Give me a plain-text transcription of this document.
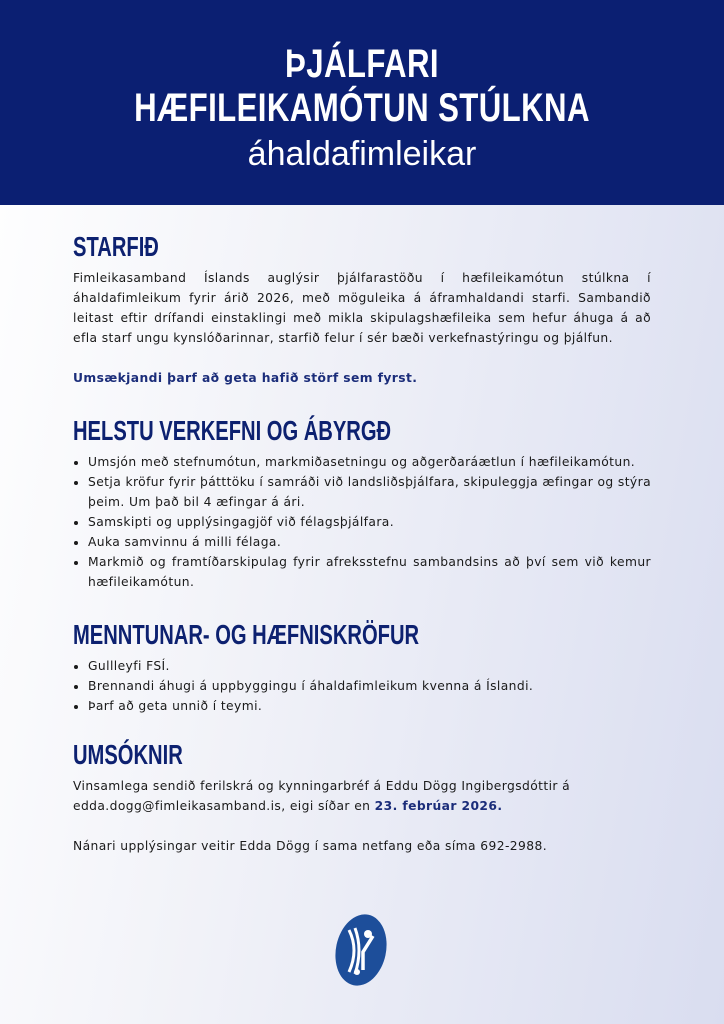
ÞJÁLFARI
HÆFILEIKAMÓTUN STÚLKNA
áhaldafimleikar
STARFIÐ

Fimleikasamband Íslands auglýsir þjálfarastöðu í hæfileikamótun stúlkna í áhaldafimleikum fyrir árið 2026, með möguleika á áframhaldandi starfi. Sambandið leitast eftir drífandi einstaklingi með mikla skipulagshæfileika sem hefur áhuga á að efla starf ungu kynslóðarinnar, starfið felur í sér bæði verkefnastýringu og þjálfun.

Umsækjandi þarf að geta hafið störf sem fyrst.

HELSTU VERKEFNI OG ÁBYRGÐ
• Umsjón með stefnumótun, markmiðasetningu og aðgerðaráætlun í hæfileikamótun.
• Setja kröfur fyrir þátttöku í samráði við landsliðsþjálfara, skipuleggja æfingar og stýra þeim. Um það bil 4 æfingar á ári.
• Samskipti og upplýsingagjöf við félagsþjálfara.
• Auka samvinnu á milli félaga.
• Markmið og framtíðarskipulag fyrir afreksstefnu sambandsins að því sem við kemur hæfileikamótun.
MENNTUNAR- OG HÆFNISKRÖFUR
• Gullleyfi FSÍ.
• Brennandi áhugi á uppbyggingu í áhaldafimleikum kvenna á Íslandi.
• Þarf að geta unnið í teymi.
UMSÓKNIR

Vinsamlega sendið ferilskrá og kynningarbréf á Eddu Dögg Ingibergsdóttir á edda.dogg@fimleikasamband.is, eigi síðar en 23. febrúar 2026.

Nánari upplýsingar veitir Edda Dögg í sama netfang eða síma 692-2988.
